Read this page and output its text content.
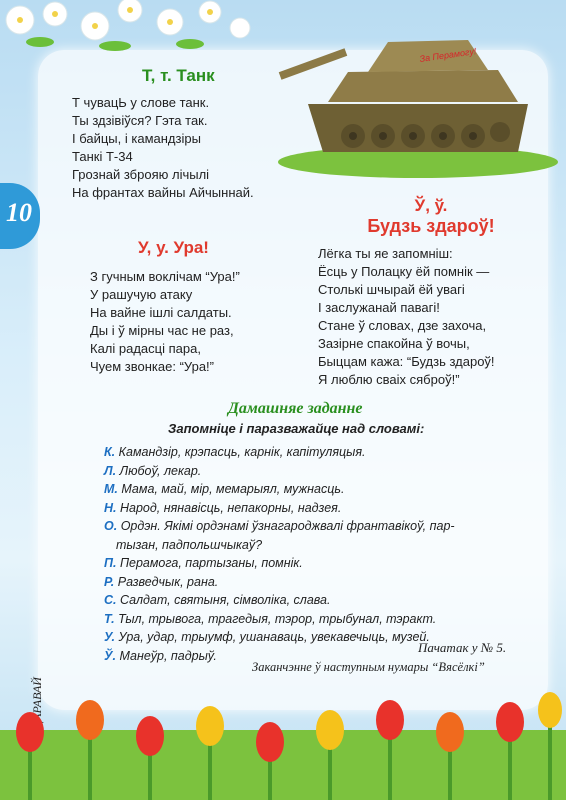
За Перамогу!
10
Т, т. Танк

Т чувацЬ у слове танк.

Ты здзівіўся? Гэта так.

І байцы, і камандзіры

Танкі Т-34

Грознай зброяю лічылі

На франтах вайны Айчыннай.

У, у. Ура!

З гучным воклічам “Ура!”

У рашучую атаку

На вайне ішлі салдаты.

Ды і ў мірны час не раз,

Калі радасці пара,

Чуем звонкае: “Ура!”

Ў, ў.
Будзь здароў!

Лёгка ты яе запомніш:

Ёсць у Полацку ёй помнік —

Столькі шчырай ёй увагі

І заслужанай павагі!

Стане ў словах, дзе захоча,

Зазірне спакойна ў вочы,

Быццам кажа: “Будзь здароў!

Я люблю сваіх сяброў!”

Дамашняе заданне

Запомніце і паразважайце над словамі:

К. Камандзір, крэпасць, карнік, капітуляцыя.
Л. Любоў, лекар.
М. Мама, май, мір, мемарыял, мужнасць.
Н. Народ, нянавісць, непакорны, надзея.
О. Ордэн. Якімі ордэнамі ўзнагароджвалі франтавікоў, пар-
тызан, падпольшчыкаў?
П. Перамога, партызаны, помнік.
Р. Разведчык, рана.
С. Салдат, святыня, сімволіка, слава.
Т. Тыл, трывога, трагедыя, тэрор, трыбунал, тэракт.
У. Ура, удар, трыумф, ушанаваць, увекавечыць, музей.
Ў. Манеўр, падрыў.

Пачатак у № 5.

Заканчэнне ў наступным нумары “Вясёлкі”
